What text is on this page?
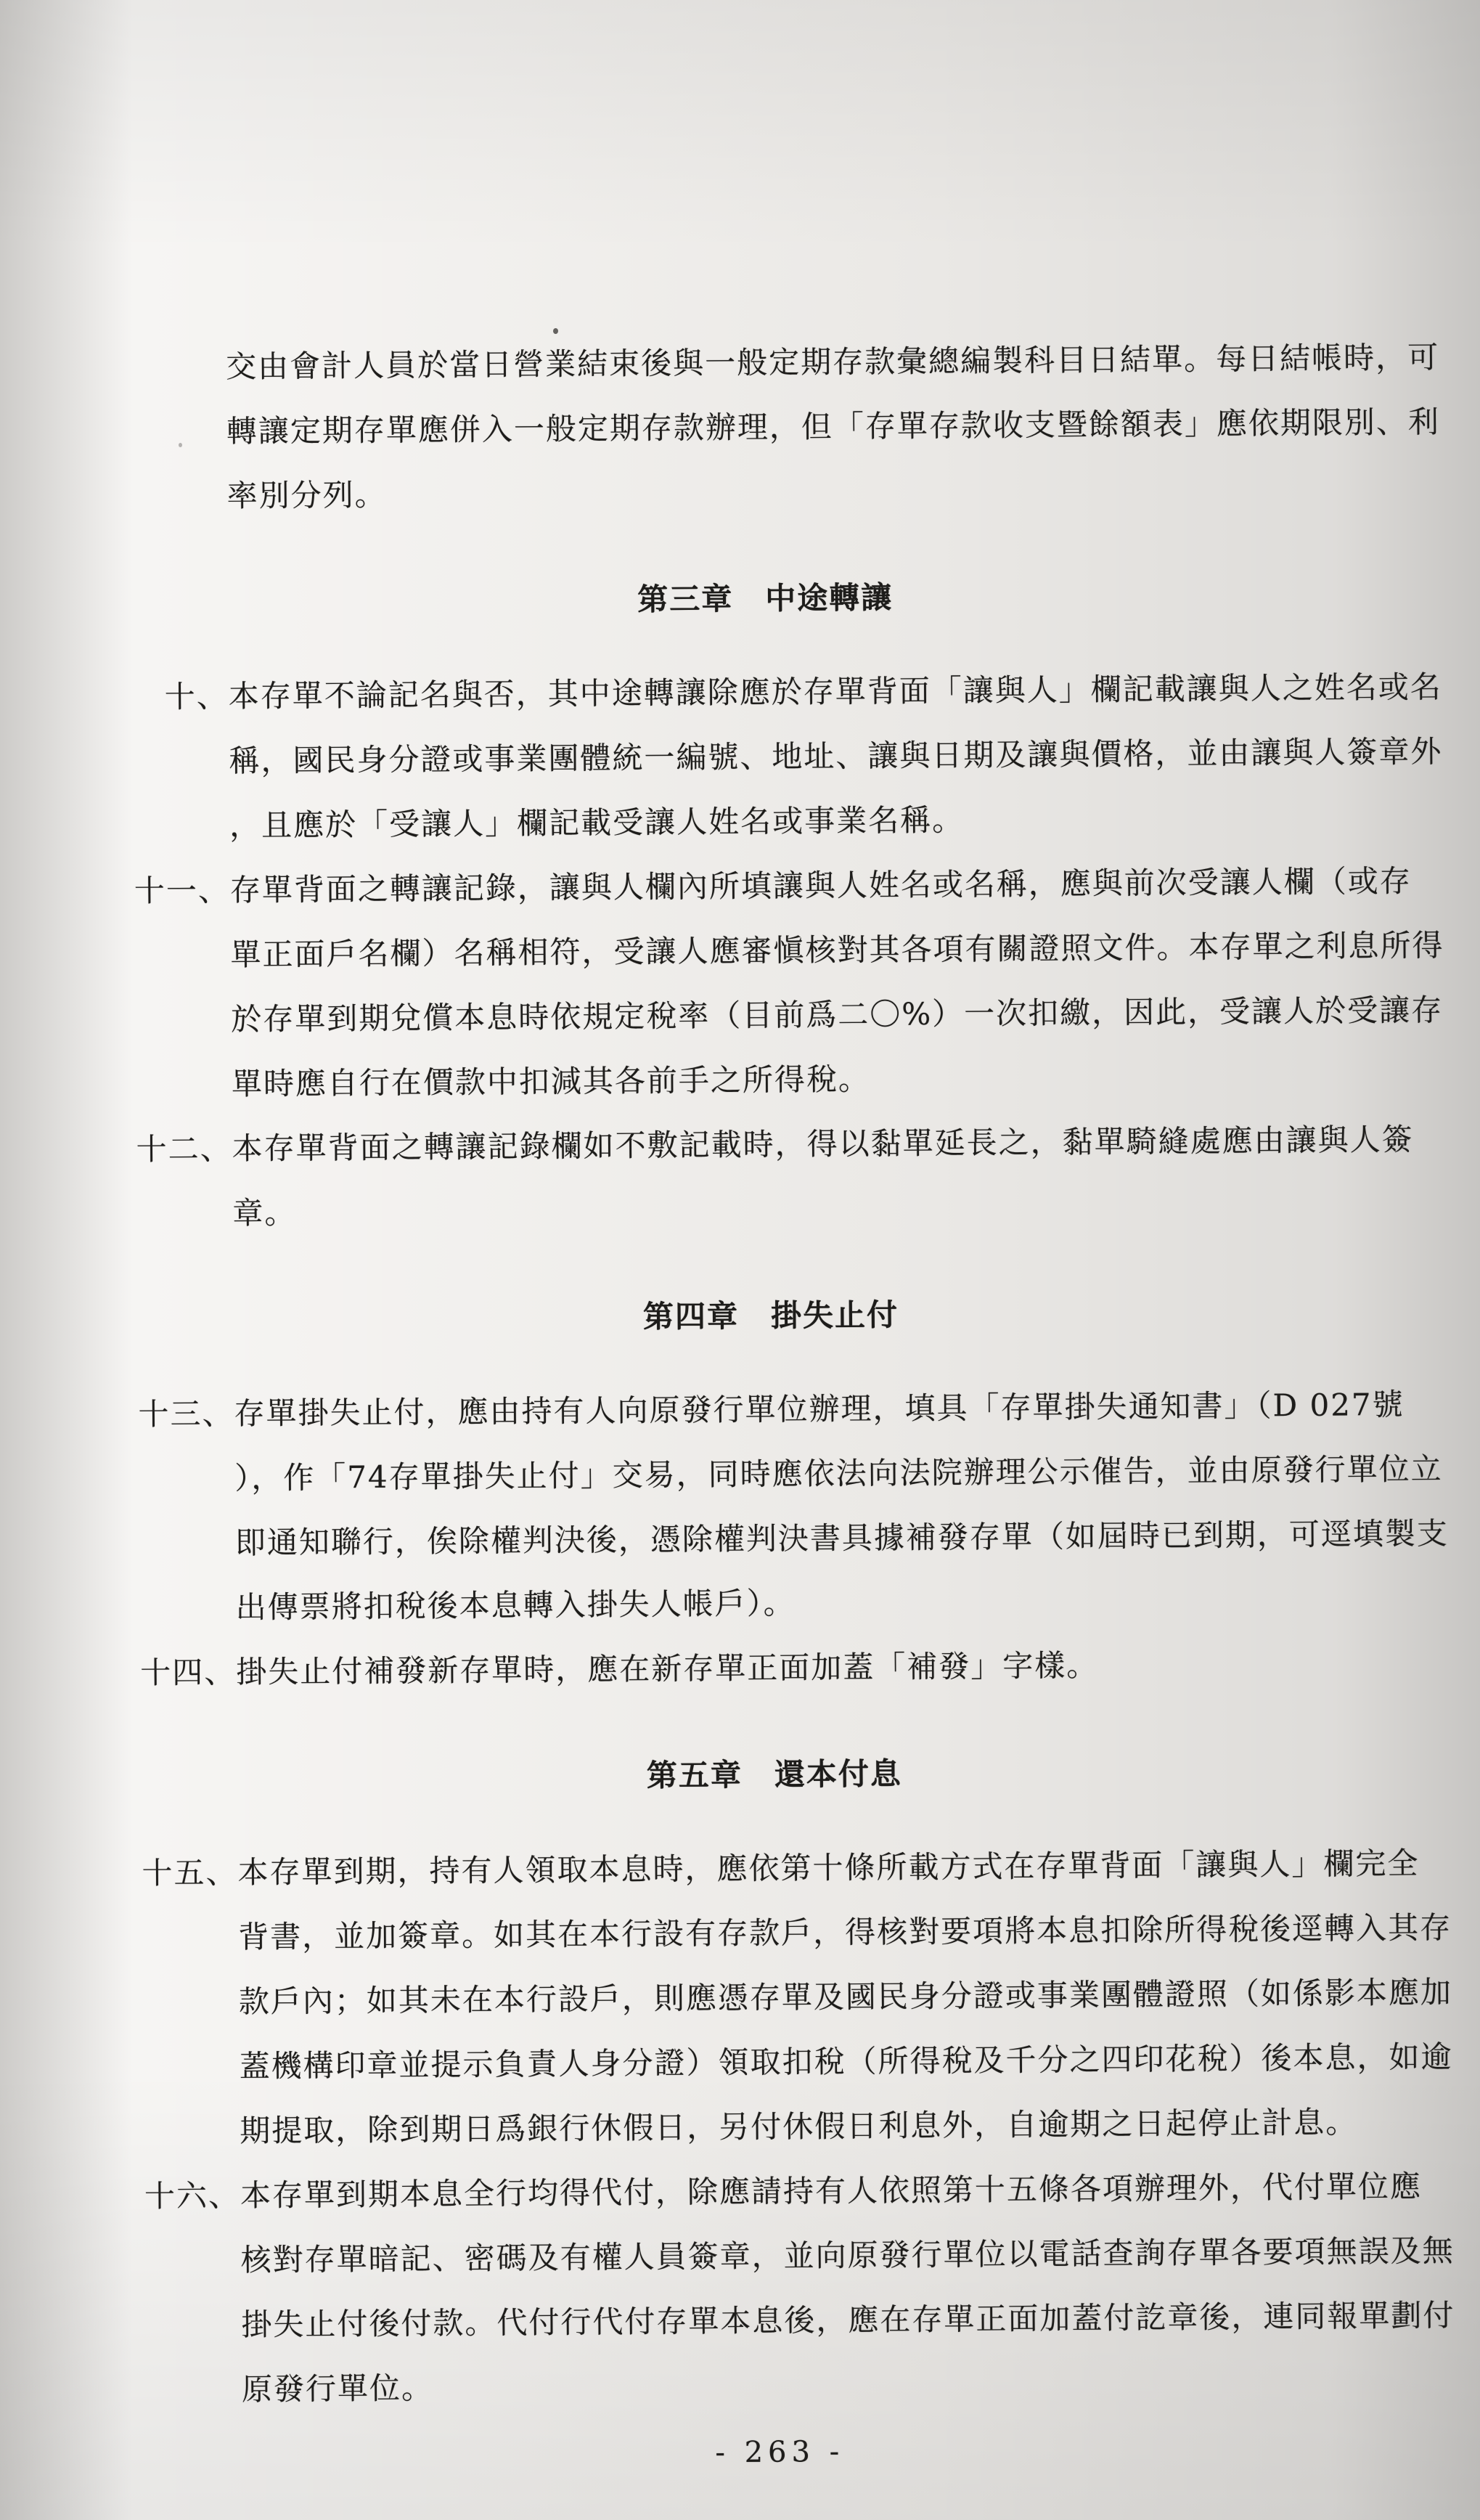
交由會計人員於當日營業結束後與一般定期存款彙總編製科目日結單。每日結帳時，可
轉讓定期存單應併入一般定期存款辦理，但「存單存款收支暨餘額表」應依期限別、利
率別分列。
第三章 中途轉讓
十、 本存單不論記名與否，其中途轉讓除應於存單背面「讓與人」欄記載讓與人之姓名或名
稱，國民身分證或事業團體統一編號、地址、讓與日期及讓與價格，並由讓與人簽章外
，且應於「受讓人」欄記載受讓人姓名或事業名稱。
十一、 存單背面之轉讓記錄，讓與人欄內所填讓與人姓名或名稱，應與前次受讓人欄（或存
單正面戶名欄）名稱相符，受讓人應審愼核對其各項有關證照文件。本存單之利息所得
於存單到期兌償本息時依規定稅率（目前爲二〇%）一次扣繳，因此，受讓人於受讓存
單時應自行在價款中扣減其各前手之所得稅。
十二、 本存單背面之轉讓記錄欄如不敷記載時，得以黏單延長之，黏單騎縫處應由讓與人簽
章。
第四章 掛失止付
十三、 存單掛失止付，應由持有人向原發行單位辦理，填具「存單掛失通知書」（D 027號
），作「74存單掛失止付」交易，同時應依法向法院辦理公示催告，並由原發行單位立
即通知聯行，俟除權判決後，憑除權判決書具據補發存單（如屆時已到期，可逕填製支
出傳票將扣稅後本息轉入掛失人帳戶）。
十四、 掛失止付補發新存單時，應在新存單正面加蓋「補發」字樣。
第五章 還本付息
十五、 本存單到期，持有人領取本息時，應依第十條所載方式在存單背面「讓與人」欄完全
背書，並加簽章。如其在本行設有存款戶，得核對要項將本息扣除所得稅後逕轉入其存
款戶內；如其未在本行設戶，則應憑存單及國民身分證或事業團體證照（如係影本應加
蓋機構印章並提示負責人身分證）領取扣稅（所得稅及千分之四印花稅）後本息，如逾
期提取，除到期日爲銀行休假日，另付休假日利息外，自逾期之日起停止計息。
十六、 本存單到期本息全行均得代付，除應請持有人依照第十五條各項辦理外，代付單位應
核對存單暗記、密碼及有權人員簽章，並向原發行單位以電話查詢存單各要項無誤及無
掛失止付後付款。代付行代付存單本息後，應在存單正面加蓋付訖章後，連同報單劃付
原發行單位。
- 263 -
